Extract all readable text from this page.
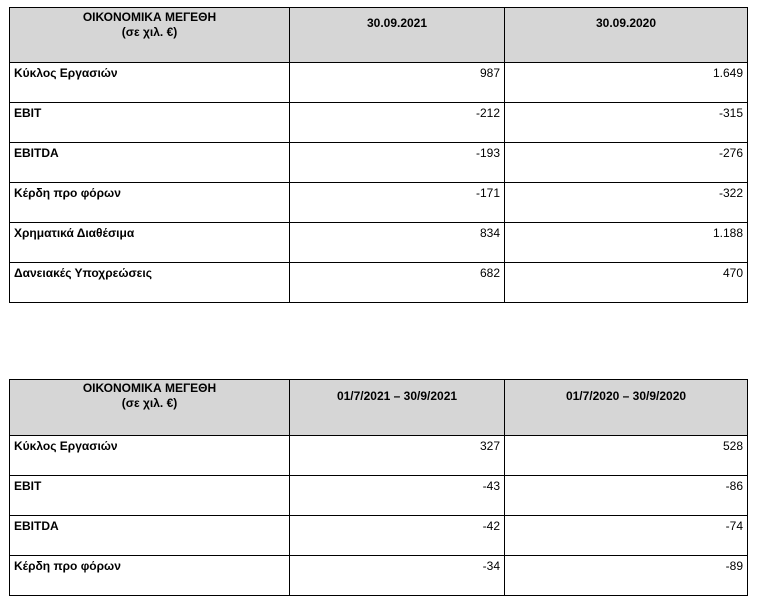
ΟΙΚΟΝΟΜΙΚΑ ΜΕΓΕΘΗ
(σε χιλ. €)	30.09.2021	30.09.2020
Κύκλος Εργασιών	987	1.649
EBIT	-212	-315
EBITDA	-193	-276
Κέρδη προ φόρων	-171	-322
Χρηματικά Διαθέσιμα	834	1.188
Δανειακές Υποχρεώσεις	682	470
ΟΙΚΟΝΟΜΙΚΑ ΜΕΓΕΘΗ
(σε χιλ. €)	01/7/2021 – 30/9/2021	01/7/2020 – 30/9/2020
Κύκλος Εργασιών	327	528
EBIT	-43	-86
EBITDA	-42	-74
Κέρδη προ φόρων	-34	-89
